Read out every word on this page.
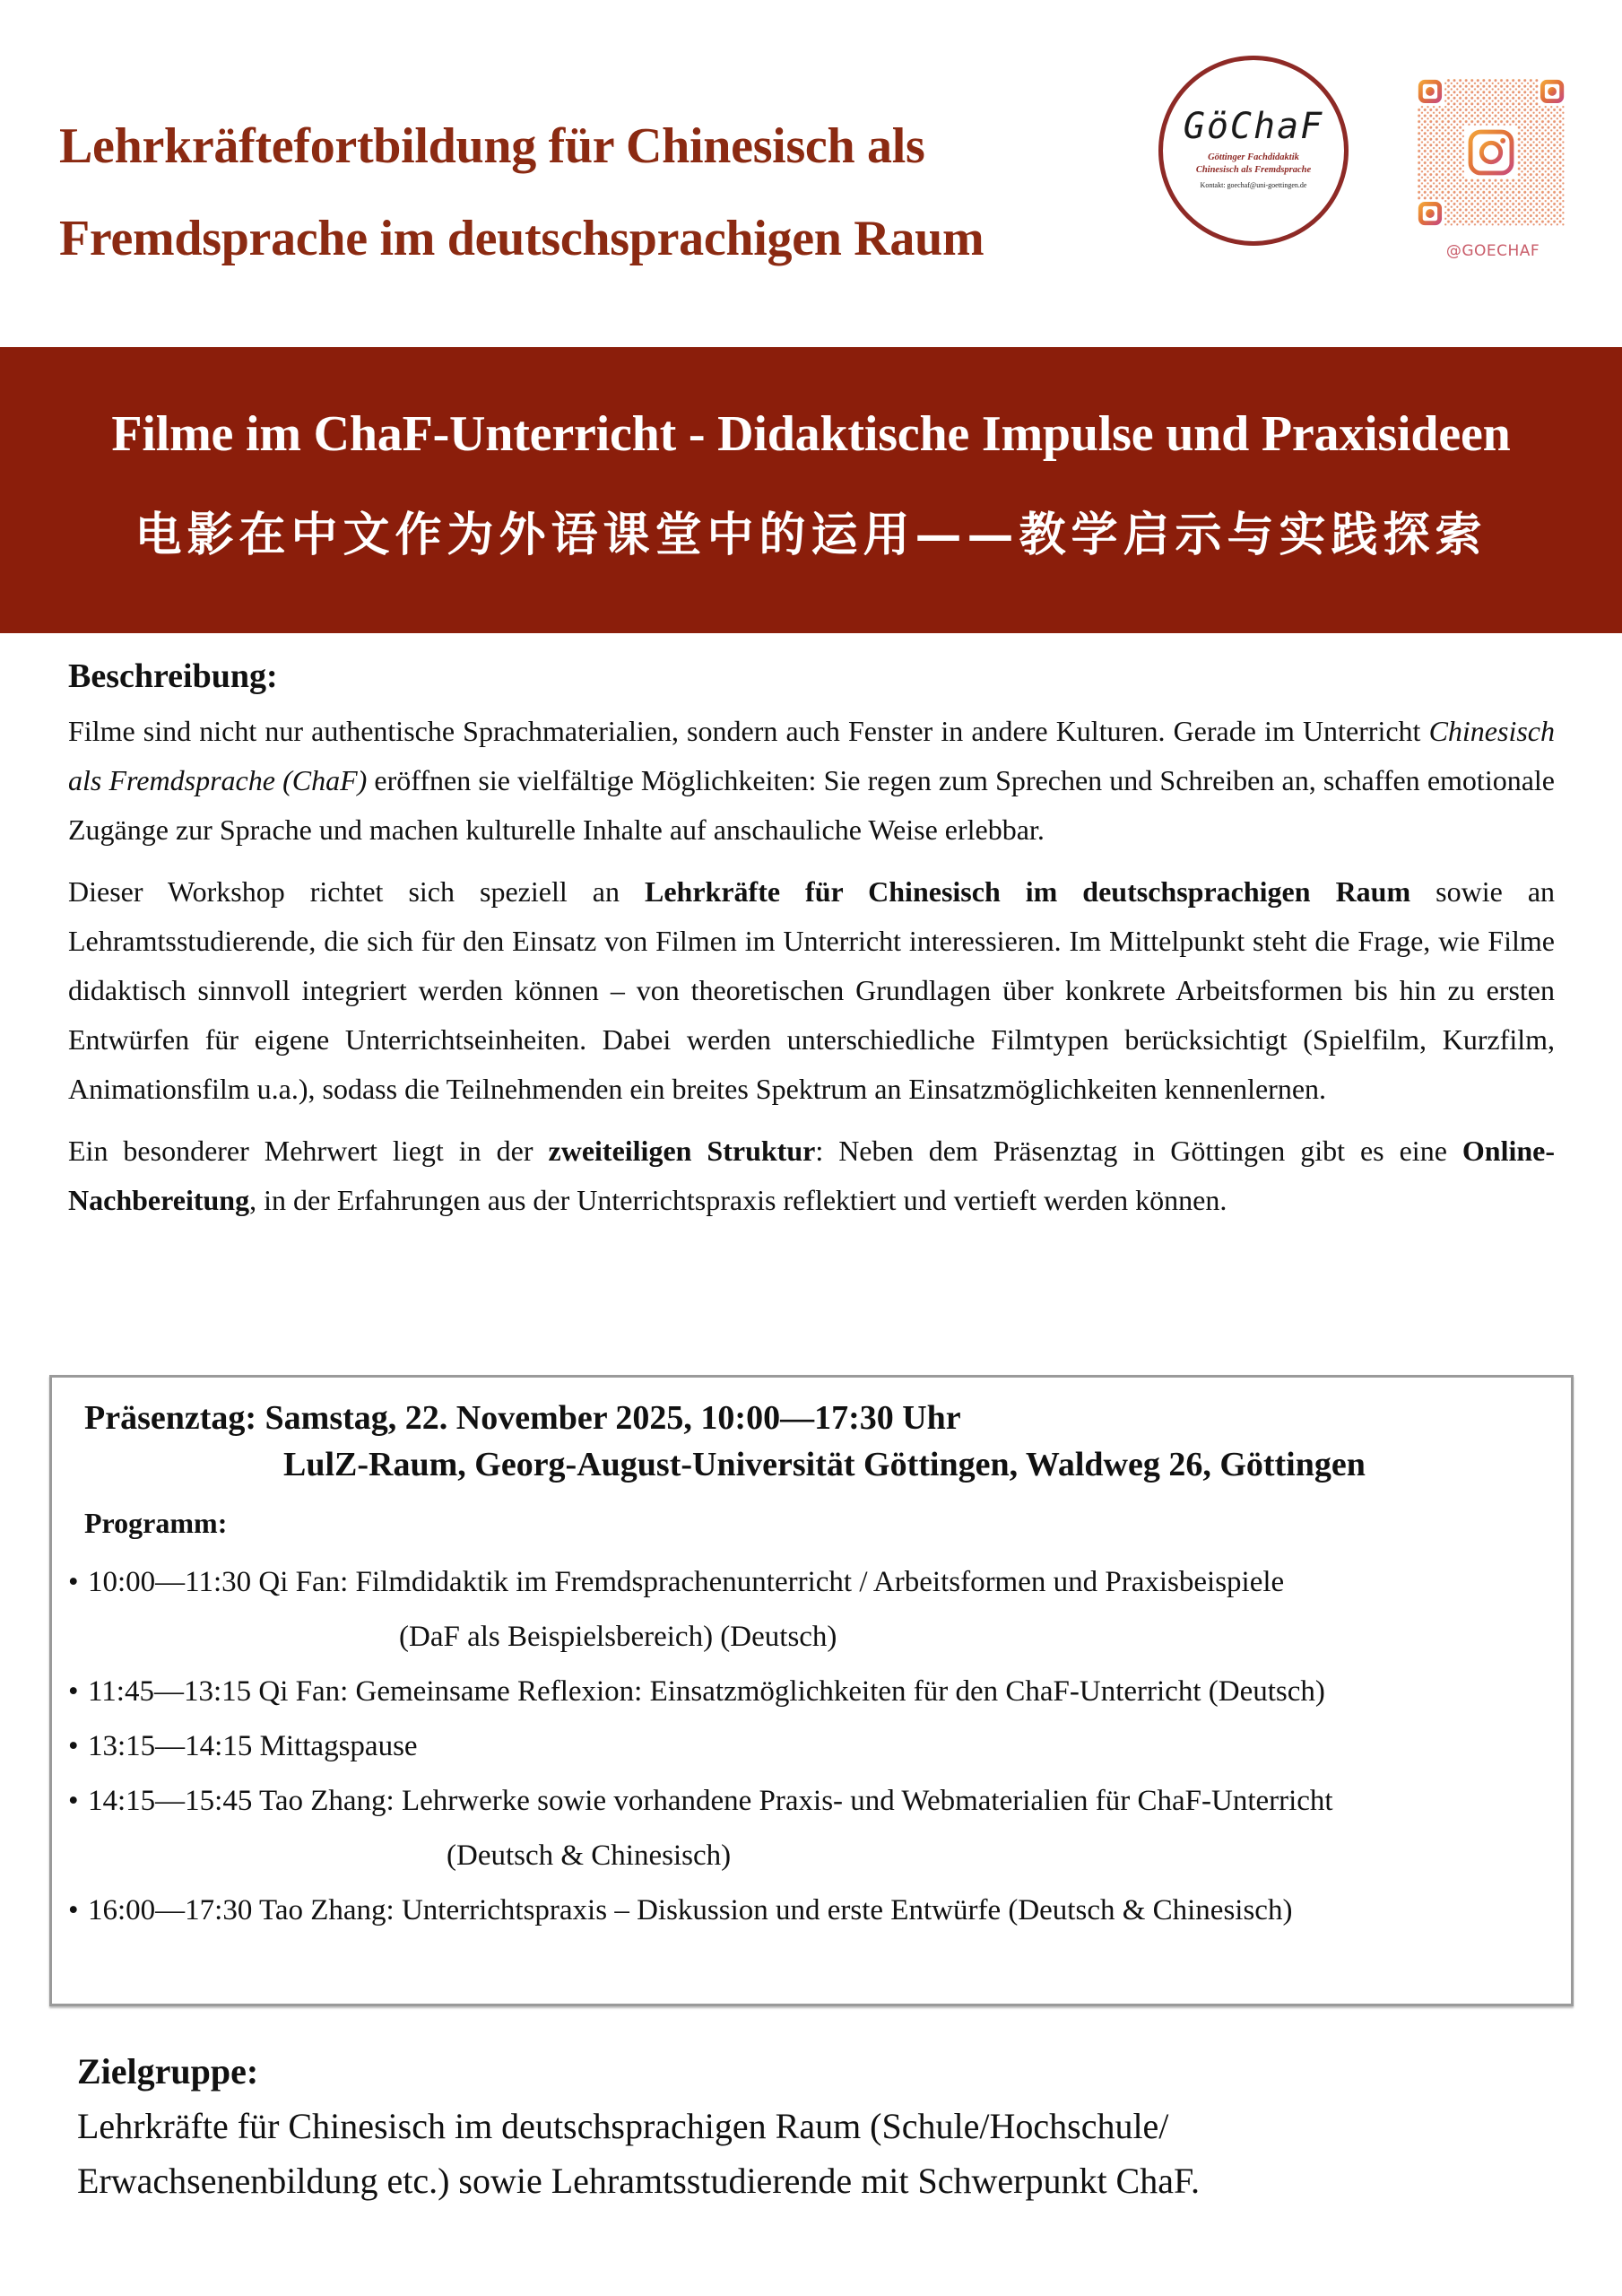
Lehrkräftefortbildung für Chinesisch als
Fremdsprache im deutschsprachigen Raum
GöChaF
Göttinger Fachdidaktik
Chinesisch als Fremdsprache
Kontakt: goechaf@uni-goettingen.de
@GOECHAF
Filme im ChaF-Unterricht - Didaktische Impulse und Praxisideen
电影在中文作为外语课堂中的运用——教学启示与实践探索
Beschreibung:

Filme sind nicht nur authentische Sprachmaterialien, sondern auch Fenster in andere Kulturen. Gerade im Unterricht Chinesisch als Fremdsprache (ChaF) eröffnen sie vielfältige Möglichkeiten: Sie regen zum Sprechen und Schreiben an, schaffen emotionale Zugänge zur Sprache und machen kulturelle Inhalte auf anschauliche Weise erlebbar.

Dieser Workshop richtet sich speziell an Lehrkräfte für Chinesisch im deutschsprachigen Raum sowie an Lehramtsstudierende, die sich für den Einsatz von Filmen im Unterricht interessieren. Im Mittelpunkt steht die Frage, wie Filme didaktisch sinnvoll integriert werden können – von theoretischen Grundlagen über konkrete Arbeitsformen bis hin zu ersten Entwürfen für eigene Unterrichtseinheiten. Dabei werden unterschiedliche Filmtypen berücksichtigt (Spielfilm, Kurzfilm, Animationsfilm u.a.), sodass die Teilnehmenden ein breites Spektrum an Einsatzmöglichkeiten kennenlernen.

Ein besonderer Mehrwert liegt in der zweiteiligen Struktur: Neben dem Präsenztag in Göttingen gibt es eine Online-Nachbereitung, in der Erfahrungen aus der Unterrichtspraxis reflektiert und vertieft werden können.

Präsenztag: Samstag, 22. November 2025, 10:00—17:30 Uhr
LulZ-Raum, Georg-August-Universität Göttingen, Waldweg 26, Göttingen
Programm:
• 10:00—11:30 Qi Fan: Filmdidaktik im Fremdsprachenunterricht / Arbeitsformen und Praxisbeispiele
(DaF als Beispielsbereich) (Deutsch)
• 11:45—13:15 Qi Fan: Gemeinsame Reflexion: Einsatzmöglichkeiten für den ChaF-Unterricht (Deutsch)
• 13:15—14:15 Mittagspause
• 14:15—15:45 Tao Zhang: Lehrwerke sowie vorhandene Praxis- und Webmaterialien für ChaF-Unterricht
(Deutsch & Chinesisch)
• 16:00—17:30 Tao Zhang: Unterrichtspraxis – Diskussion und erste Entwürfe (Deutsch & Chinesisch)
Zielgruppe:
Lehrkräfte für Chinesisch im deutschsprachigen Raum (Schule/Hochschule/
Erwachsenenbildung etc.) sowie Lehramtsstudierende mit Schwerpunkt ChaF.
